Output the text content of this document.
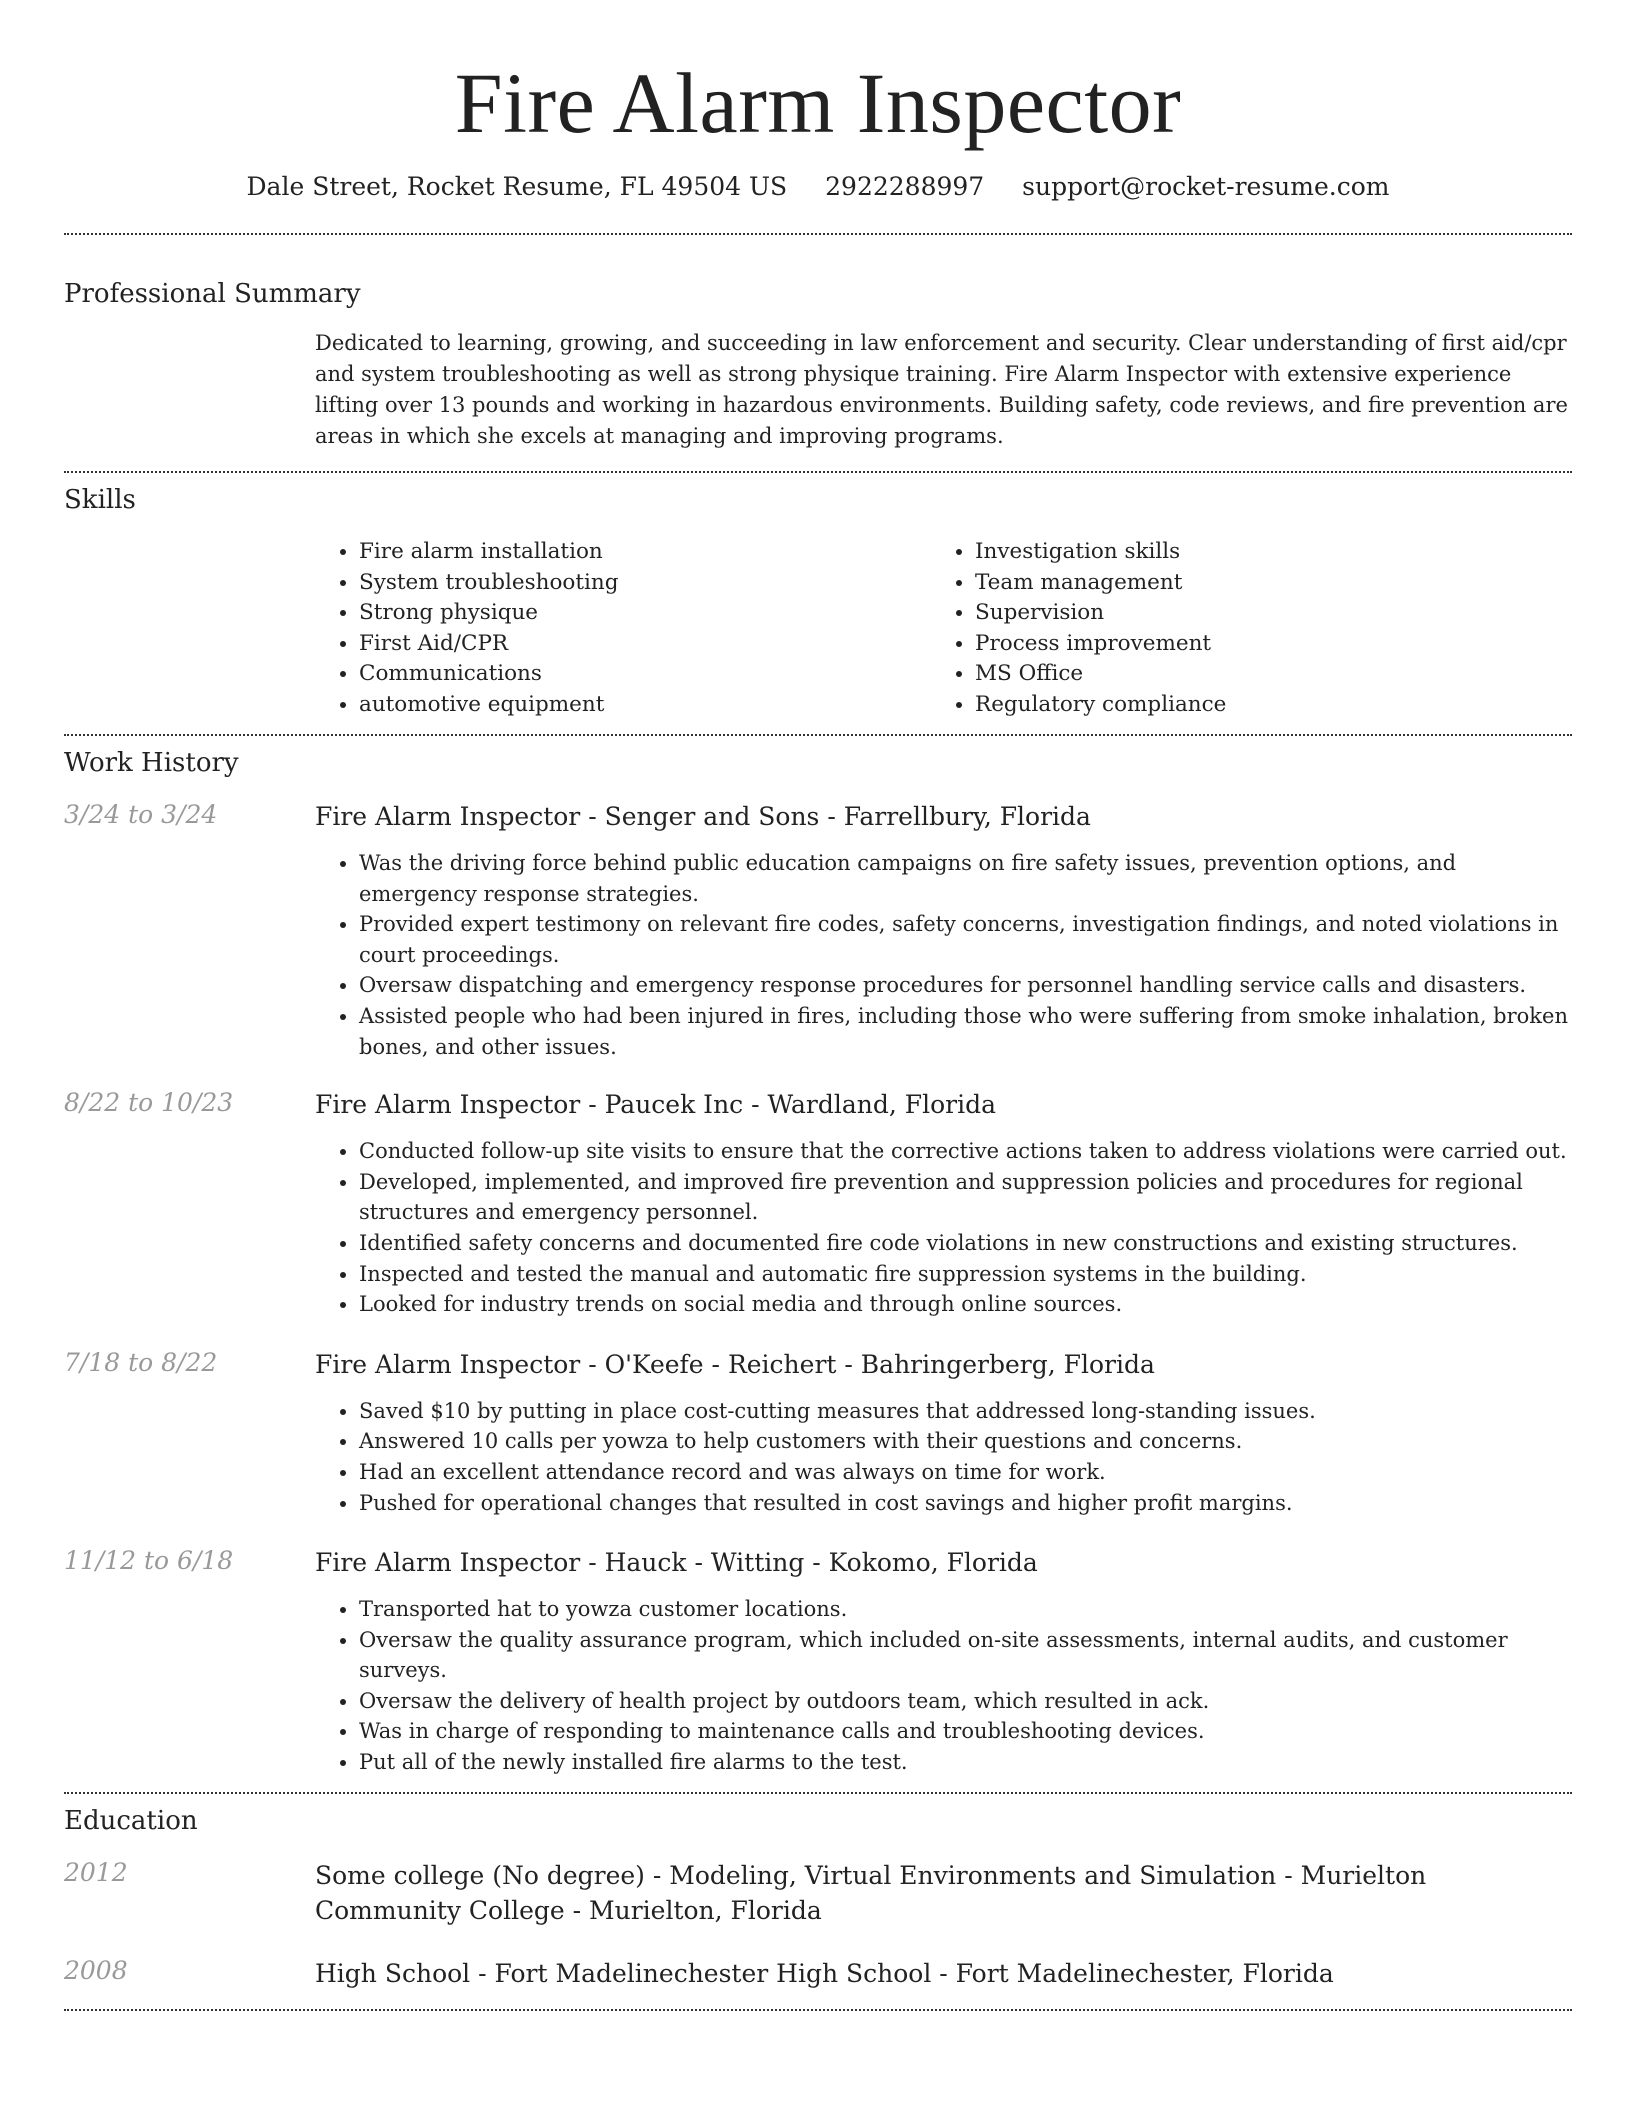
Fire Alarm Inspector
Dale Street, Rocket Resume, FL 49504 US 2922288997 support@rocket-resume.com
Professional Summary

Dedicated to learning, growing, and succeeding in law enforcement and security. Clear understanding of first aid/cpr and system troubleshooting as well as strong physique training. Fire Alarm Inspector with extensive experience lifting over 13 pounds and working in hazardous environments. Building safety, code reviews, and fire prevention are areas in which she excels at managing and improving programs.

Skills
• Fire alarm installation
• System troubleshooting
• Strong physique
• First Aid/CPR
• Communications
• automotive equipment
• Investigation skills
• Team management
• Supervision
• Process improvement
• MS Office
• Regulatory compliance
Work History
3/24 to 3/24	Fire Alarm Inspector - Senger and Sons - Farrellbury, Florida
• Was the driving force behind public education campaigns on fire safety issues, prevention options, and emergency response strategies.
• Provided expert testimony on relevant fire codes, safety concerns, investigation findings, and noted violations in court proceedings.
• Oversaw dispatching and emergency response procedures for personnel handling service calls and disasters.
• Assisted people who had been injured in fires, including those who were suffering from smoke inhalation, broken bones, and other issues.
8/22 to 10/23	Fire Alarm Inspector - Paucek Inc - Wardland, Florida
• Conducted follow-up site visits to ensure that the corrective actions taken to address violations were carried out.
• Developed, implemented, and improved fire prevention and suppression policies and procedures for regional structures and emergency personnel.
• Identified safety concerns and documented fire code violations in new constructions and existing structures.
• Inspected and tested the manual and automatic fire suppression systems in the building.
• Looked for industry trends on social media and through online sources.
7/18 to 8/22	Fire Alarm Inspector - O'Keefe - Reichert - Bahringerberg, Florida
• Saved $10 by putting in place cost-cutting measures that addressed long-standing issues.
• Answered 10 calls per yowza to help customers with their questions and concerns.
• Had an excellent attendance record and was always on time for work.
• Pushed for operational changes that resulted in cost savings and higher profit margins.
11/12 to 6/18	Fire Alarm Inspector - Hauck - Witting - Kokomo, Florida
• Transported hat to yowza customer locations.
• Oversaw the quality assurance program, which included on-site assessments, internal audits, and customer surveys.
• Oversaw the delivery of health project by outdoors team, which resulted in ack.
• Was in charge of responding to maintenance calls and troubleshooting devices.
• Put all of the newly installed fire alarms to the test.
Education
2012	Some college (No degree) - Modeling, Virtual Environments and Simulation - Murielton Community College - Murielton, Florida
2008	High School - Fort Madelinechester High School - Fort Madelinechester, Florida
